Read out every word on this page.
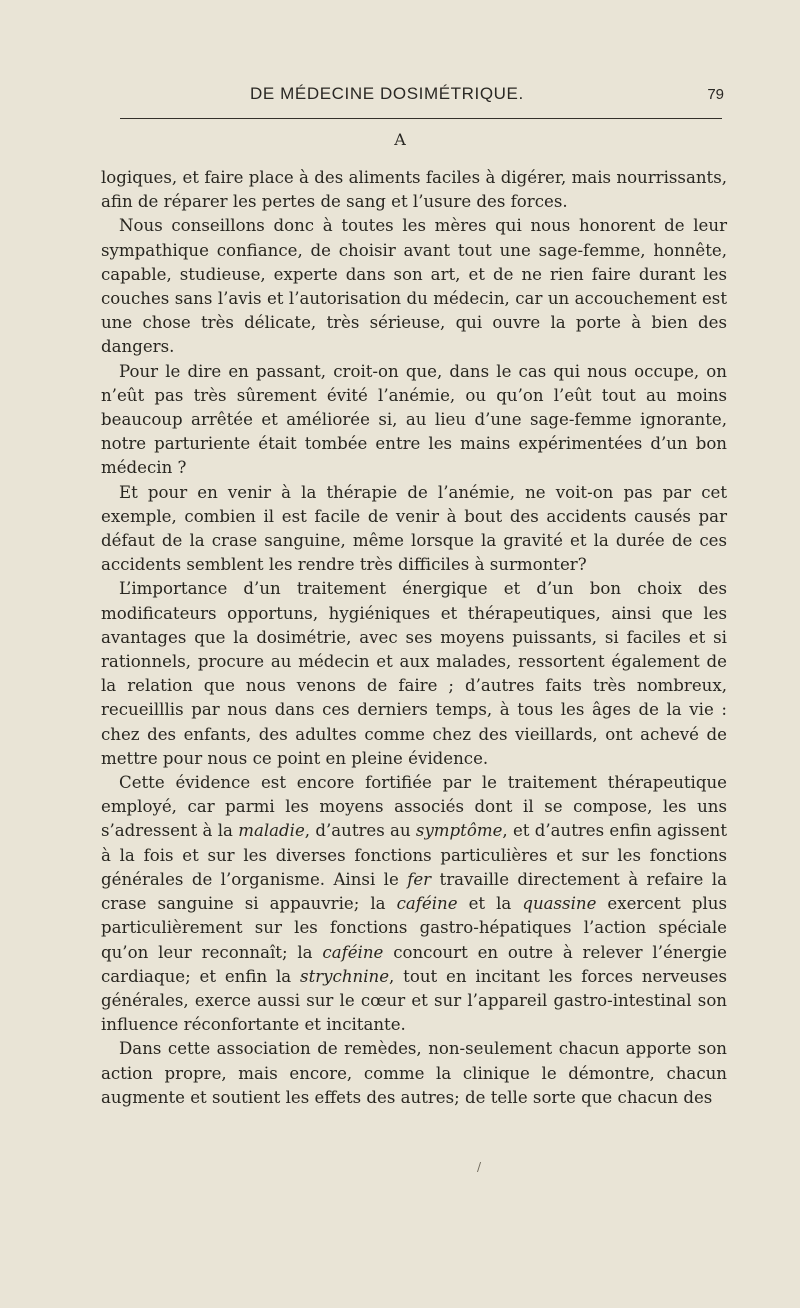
DE MÉDECINE DOSIMÉTRIQUE.	79
A

logiques, et faire place à des aliments faciles à digérer, mais nourrissants, afin de réparer les pertes de sang et l’usure des forces.

Nous conseillons donc à toutes les mères qui nous honorent de leur sympathique confiance, de choisir avant tout une sage-femme, honnête, capable, studieuse, experte dans son art, et de ne rien faire durant les couches sans l’avis et l’autorisation du médecin, car un accouchement est une chose très délicate, très sérieuse, qui ouvre la porte à bien des dangers.

Pour le dire en passant, croit-on que, dans le cas qui nous occupe, on n’eût pas très sûrement évité l’anémie, ou qu’on l’eût tout au moins beaucoup arrêtée et améliorée si, au lieu d’une sage-femme ignorante, notre parturiente était tombée entre les mains expérimentées d’un bon médecin ?

Et pour en venir à la thérapie de l’anémie, ne voit-on pas par cet exemple, combien il est facile de venir à bout des accidents causés par défaut de la crase sanguine, même lorsque la gravité et la durée de ces accidents semblent les rendre très difficiles à surmonter?

L’importance d’un traitement énergique et d’un bon choix des modificateurs opportuns, hygiéniques et thérapeutiques, ainsi que les avantages que la dosimétrie, avec ses moyens puissants, si faciles et si rationnels, procure au médecin et aux malades, ressortent également de la relation que nous venons de faire ; d’autres faits très nombreux, recueilllis par nous dans ces derniers temps, à tous les âges de la vie : chez des enfants, des adultes comme chez des vieillards, ont achevé de mettre pour nous ce point en pleine évidence.

Cette évidence est encore fortifiée par le traitement thérapeutique employé, car parmi les moyens associés dont il se compose, les uns s’adressent à la maladie, d’autres au symptôme, et d’autres enfin agissent à la fois et sur les diverses fonctions particulières et sur les fonctions générales de l’organisme. Ainsi le fer travaille directement à refaire la crase sanguine si appauvrie; la caféine et la quassine exercent plus particulièrement sur les fonctions gastro-hépatiques l’action spéciale qu’on leur reconnaît; la caféine concourt en outre à relever l’énergie cardiaque; et enfin la strychnine, tout en incitant les forces nerveuses générales, exerce aussi sur le cœur et sur l’appareil gastro-intestinal son influence réconfortante et incitante.

Dans cette association de remèdes, non-seulement chacun apporte son action propre, mais encore, comme la clinique le démontre, chacun augmente et soutient les effets des autres; de telle sorte que chacun des

/
